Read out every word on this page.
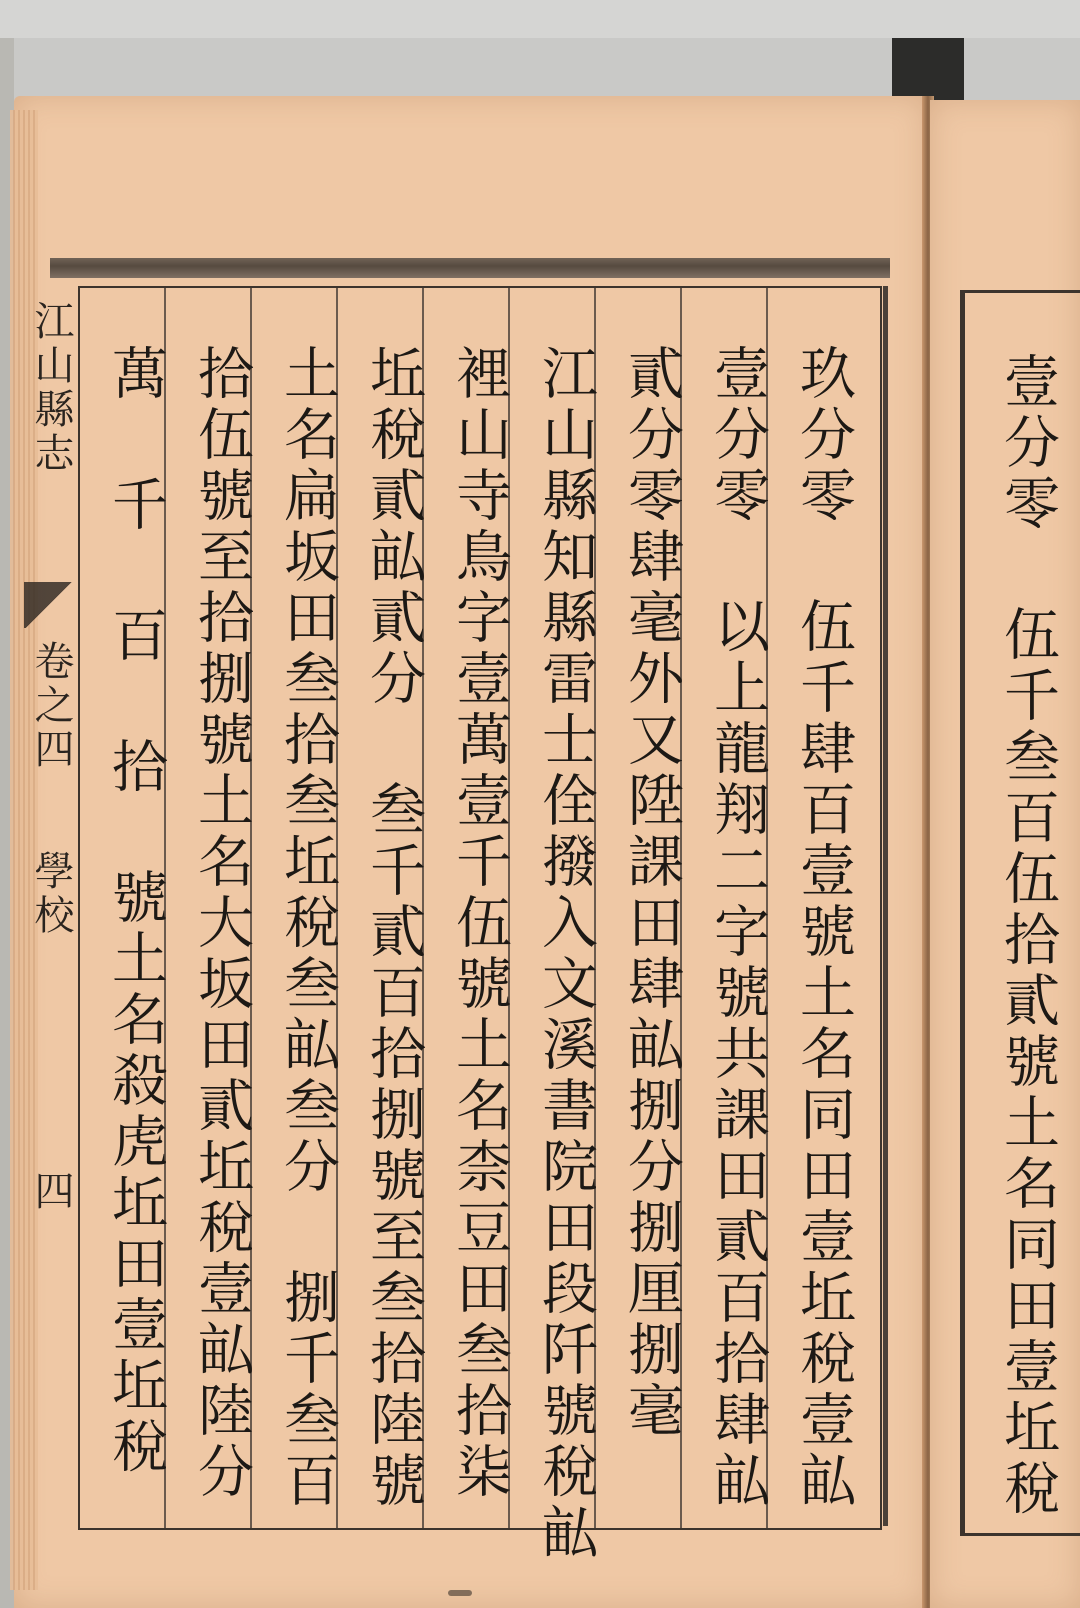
江山縣志
卷之四
學校
四	玖分零 伍千肆百壹號土名同田壹坵稅壹畆
壹分零 以上龍翔二字號共課田貳百拾肆畆
貳分零肆毫外又陞課田肆畆捌分捌厘捌毫
江山縣知縣雷士佺撥入文溪書院田段阡號稅畆
裡山寺鳥字壹萬壹千伍號土名柰豆田叁拾柒
坵稅貳畆貳分 叁千貳百拾捌號至叁拾陸號
土名扁坂田叁拾叁坵稅叁畆叁分 捌千叁百
拾伍號至拾捌號土名大坂田貳坵稅壹畆陸分
萬 千 百 拾 號土名殺虎坵田壹坵稅	壹分零 伍千叁百伍拾貳號土名同田壹坵稅
